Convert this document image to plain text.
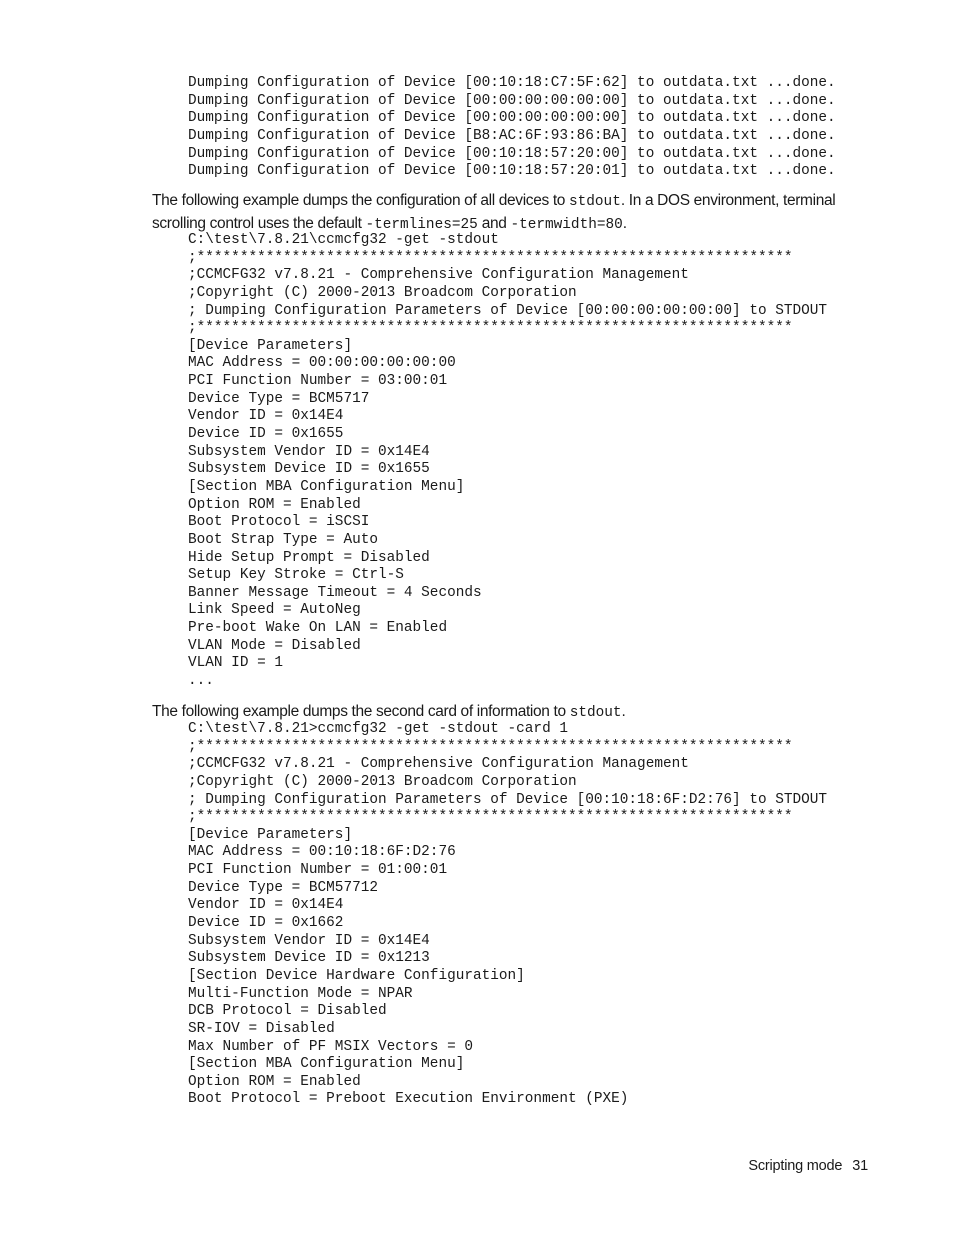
Dumping Configuration of Device [00:10:18:C7:5F:62] to outdata.txt ...done.
Dumping Configuration of Device [00:00:00:00:00:00] to outdata.txt ...done.
Dumping Configuration of Device [00:00:00:00:00:00] to outdata.txt ...done.
Dumping Configuration of Device [B8:AC:6F:93:86:BA] to outdata.txt ...done.
Dumping Configuration of Device [00:10:18:57:20:00] to outdata.txt ...done.
Dumping Configuration of Device [00:10:18:57:20:01] to outdata.txt ...done.

The following example dumps the configuration of all devices to stdout. In a DOS environment, terminal scrolling control uses the default -termlines=25 and -termwidth=80.

C:\test\7.8.21\ccmcfg32 -get -stdout
;*********************************************************************
;CCMCFG32 v7.8.21 - Comprehensive Configuration Management
;Copyright (C) 2000-2013 Broadcom Corporation
; Dumping Configuration Parameters of Device [00:00:00:00:00:00] to STDOUT
;*********************************************************************
[Device Parameters]
MAC Address = 00:00:00:00:00:00
PCI Function Number = 03:00:01
Device Type = BCM5717
Vendor ID = 0x14E4
Device ID = 0x1655
Subsystem Vendor ID = 0x14E4
Subsystem Device ID = 0x1655
[Section MBA Configuration Menu]
Option ROM = Enabled
Boot Protocol = iSCSI
Boot Strap Type = Auto
Hide Setup Prompt = Disabled
Setup Key Stroke = Ctrl-S
Banner Message Timeout = 4 Seconds
Link Speed = AutoNeg
Pre-boot Wake On LAN = Enabled
VLAN Mode = Disabled
VLAN ID = 1
...

The following example dumps the second card of information to stdout.

C:\test\7.8.21>ccmcfg32 -get -stdout -card 1
;*********************************************************************
;CCMCFG32 v7.8.21 - Comprehensive Configuration Management
;Copyright (C) 2000-2013 Broadcom Corporation
; Dumping Configuration Parameters of Device [00:10:18:6F:D2:76] to STDOUT
;*********************************************************************
[Device Parameters]
MAC Address = 00:10:18:6F:D2:76
PCI Function Number = 01:00:01
Device Type = BCM57712
Vendor ID = 0x14E4
Device ID = 0x1662
Subsystem Vendor ID = 0x14E4
Subsystem Device ID = 0x1213
[Section Device Hardware Configuration]
Multi-Function Mode = NPAR
DCB Protocol = Disabled
SR-IOV = Disabled
Max Number of PF MSIX Vectors = 0
[Section MBA Configuration Menu]
Option ROM = Enabled
Boot Protocol = Preboot Execution Environment (PXE)
Scripting mode 31
